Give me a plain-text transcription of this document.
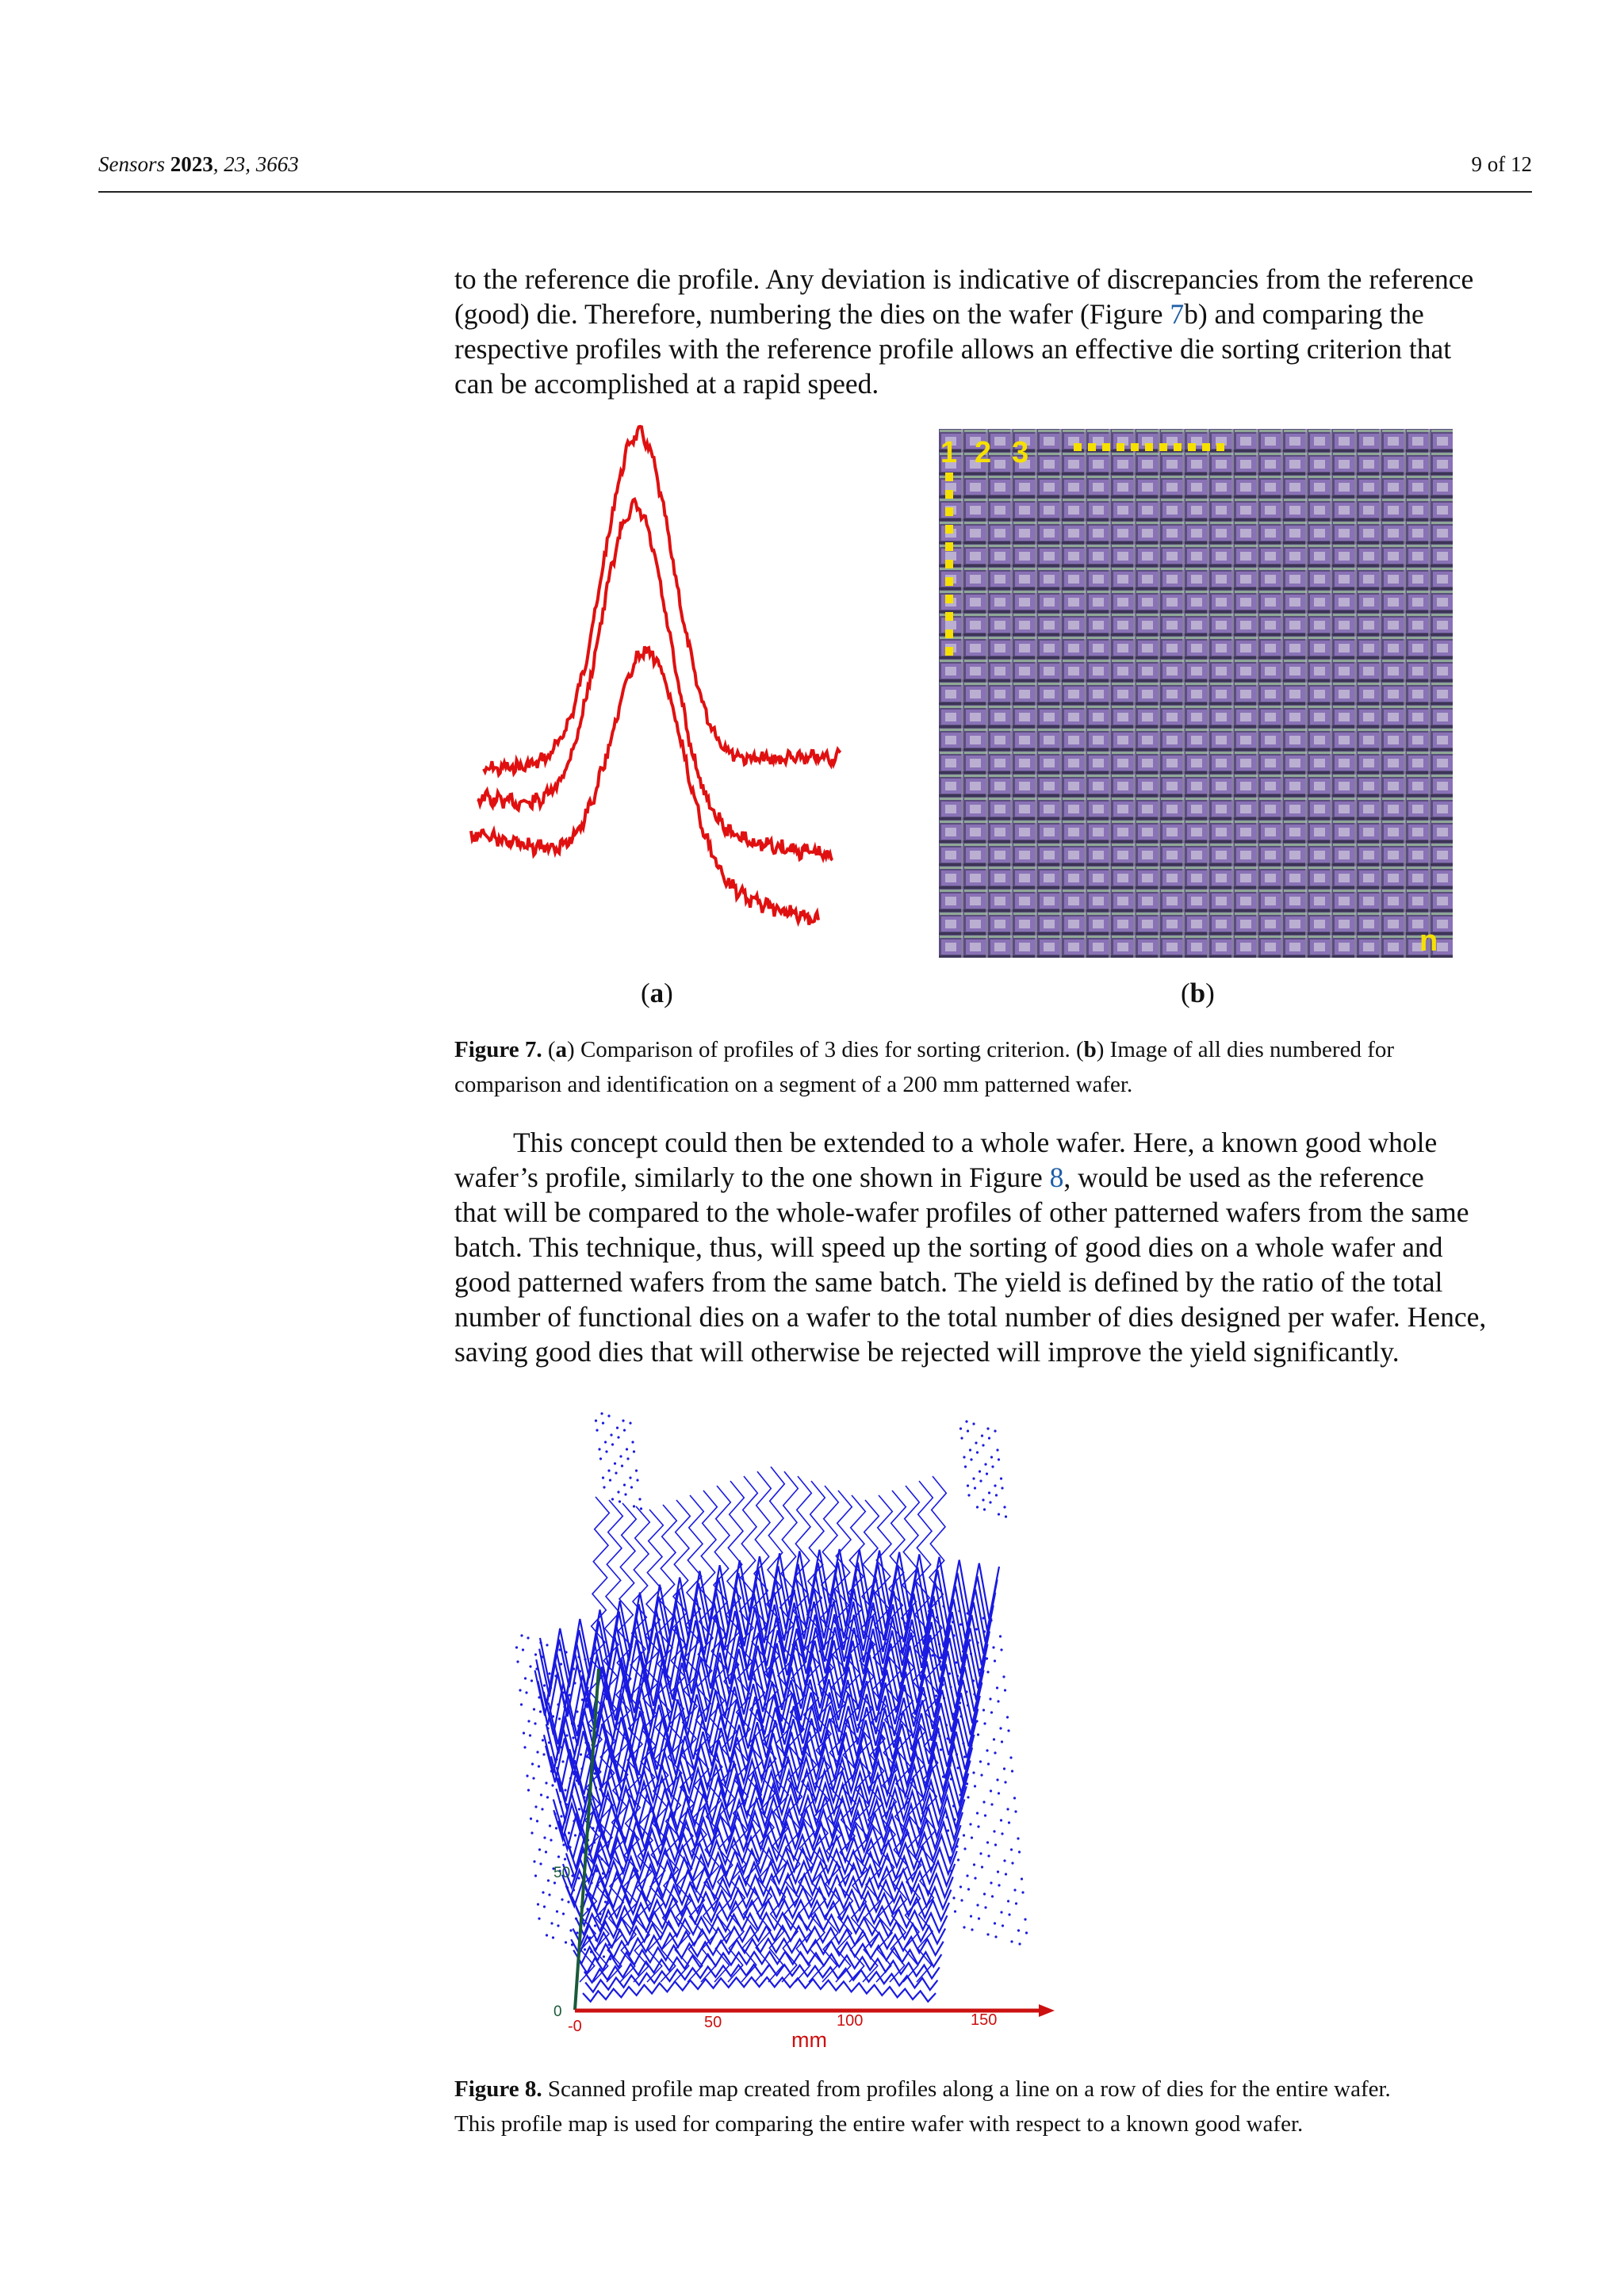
Sensors 2023, 23, 3663	9 of 12
to the reference die profile. Any deviation is indicative of discrepancies from the reference
(good) die. Therefore, numbering the dies on the wafer (Figure 7b) and comparing the
respective profiles with the reference profile allows an effective die sorting criterion that
can be accomplished at a rapid speed.
1 2 3
n
(a)	(b)
Figure 7. (a) Comparison of profiles of 3 dies for sorting criterion. (b) Image of all dies numbered for
comparison and identification on a segment of a 200 mm patterned wafer.
This concept could then be extended to a whole wafer. Here, a known good whole
wafer’s profile, similarly to the one shown in Figure 8, would be used as the reference
that will be compared to the whole-wafer profiles of other patterned wafers from the same
batch. This technique, thus, will speed up the sorting of good dies on a whole wafer and
good patterned wafers from the same batch. The yield is defined by the ratio of the total
number of functional dies on a wafer to the total number of dies designed per wafer. Hence,
saving good dies that will otherwise be rejected will improve the yield significantly.
-0	50	100	150
mm
0
50
Figure 8. Scanned profile map created from profiles along a line on a row of dies for the entire wafer.
This profile map is used for comparing the entire wafer with respect to a known good wafer.
